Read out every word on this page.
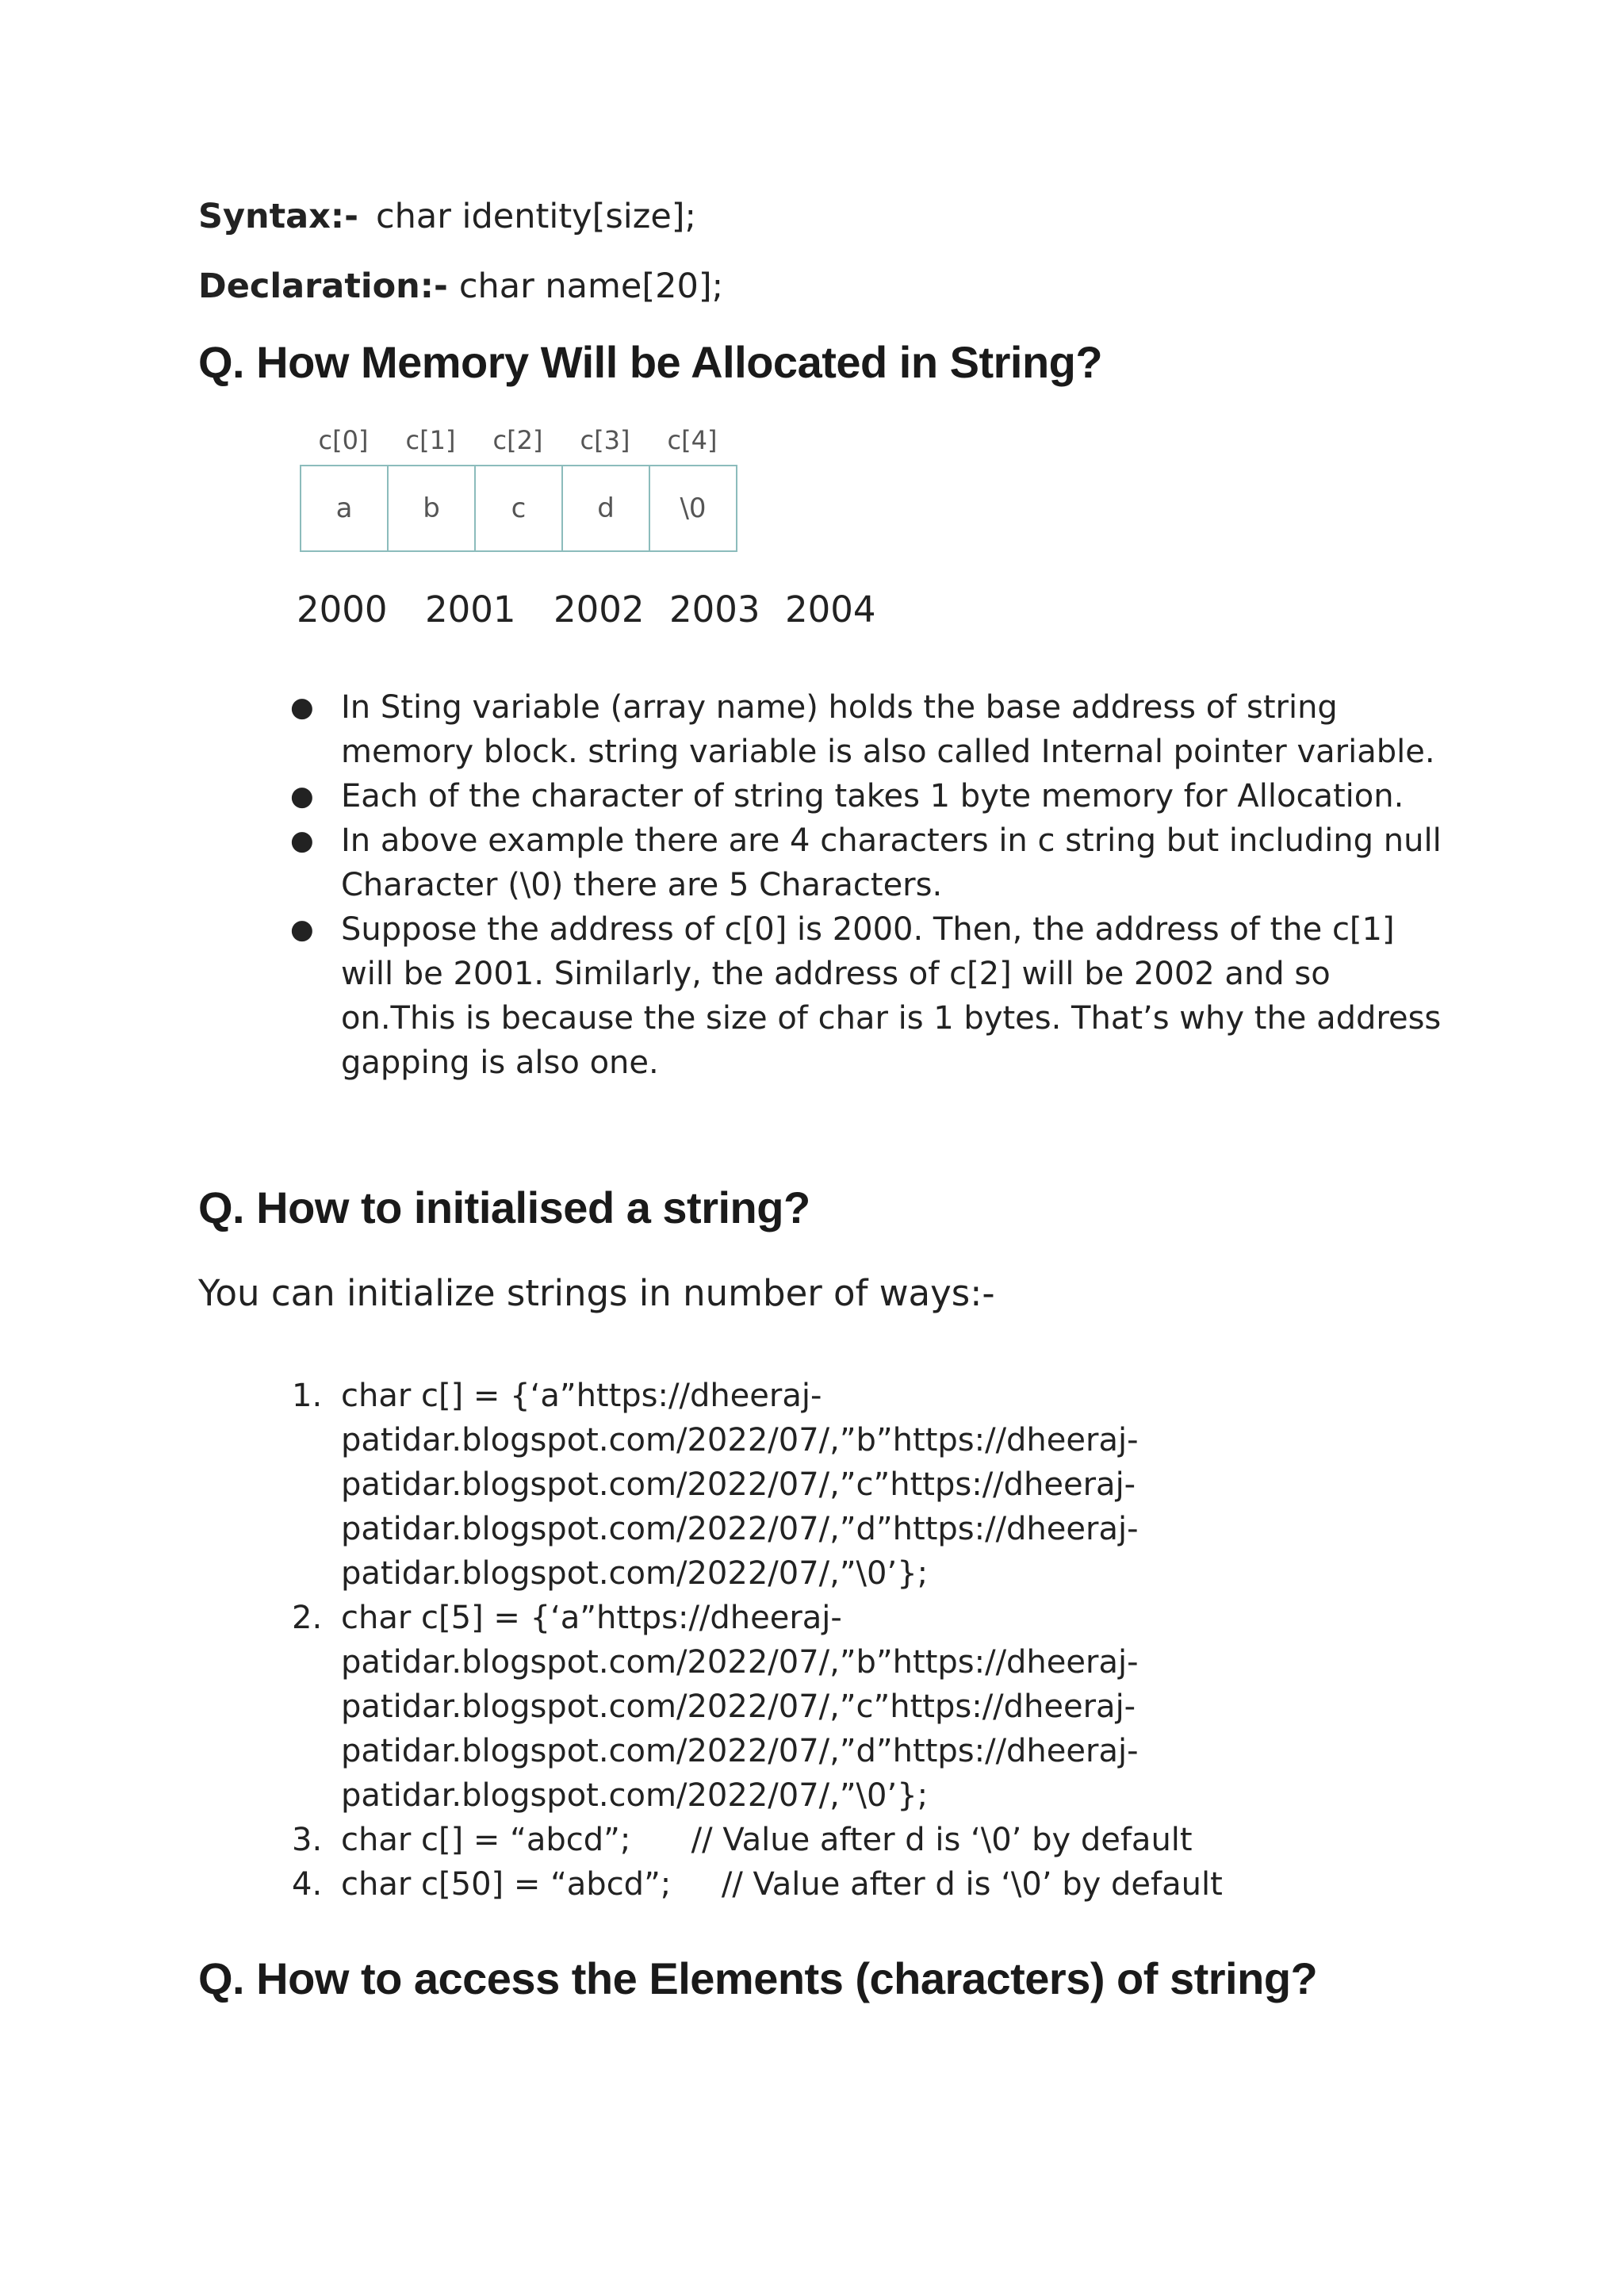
Syntax:- char identity[size];
Declaration:- char name[20];
Q. How Memory Will be Allocated in String?
c[0]	c[1]	c[2]	c[3]	c[4]
a	b	c	d	\0
2000 2001 2002 2003 2004
● In Sting variable (array name) holds the base address of string memory block. string variable is also called Internal pointer variable.
● Each of the character of string takes 1 byte memory for Allocation.
● In above example there are 4 characters in c string but including null Character (\0) there are 5 Characters.
● Suppose the address of c[0] is 2000. Then, the address of the c[1] will be 2001. Similarly, the address of c[2] will be 2002 and so on.This is because the size of char is 1 bytes. That’s why the address gapping is also one.
Q. How to initialised a string?
You can initialize strings in number of ways:-
1. char c[] = {‘a”https://dheeraj-
patidar.blogspot.com/2022/07/,”b”https://dheeraj-
patidar.blogspot.com/2022/07/,”c”https://dheeraj-
patidar.blogspot.com/2022/07/,”d”https://dheeraj-
patidar.blogspot.com/2022/07/,”\0’};
2. char c[5] = {‘a”https://dheeraj-
patidar.blogspot.com/2022/07/,”b”https://dheeraj-
patidar.blogspot.com/2022/07/,”c”https://dheeraj-
patidar.blogspot.com/2022/07/,”d”https://dheeraj-
patidar.blogspot.com/2022/07/,”\0’};
3. char c[] = “abcd”;      // Value after d is ‘\0’ by default
4. char c[50] = “abcd”;     // Value after d is ‘\0’ by default
Q. How to access the Elements (characters) of string?
